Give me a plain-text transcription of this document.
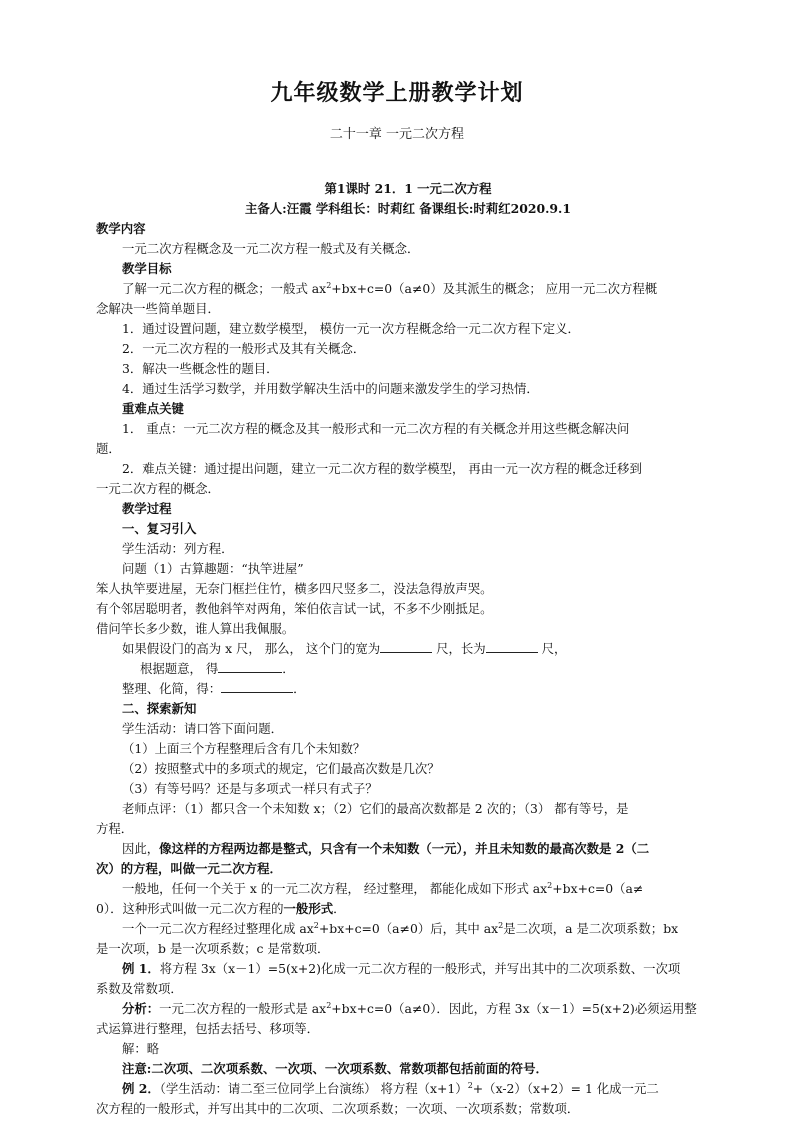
九年级数学上册教学计划
二十一章 一元二次方程
第1课时 21．1 一元二次方程
主备人:汪霞 学科组长：时莉红 备课组长:时莉红2020.9.1
教学内容
一元二次方程概念及一元二次方程一般式及有关概念．
教学目标
了解一元二次方程的概念；一般式 $ax^2+bx+c=0(a\ne 0)$及其派生的概念； 应用一元二次方程概
念解决一些简单题目．
1．通过设置问题，建立数学模型， 模仿一元一次方程概念给一元二次方程下定义．
2．一元二次方程的一般形式及其有关概念．
3．解决一些概念性的题目．
4．通过生活学习数学，并用数学解决生活中的问题来激发学生的学习热情．
重难点关键
1． 重点：一元二次方程的概念及其一般形式和一元二次方程的有关概念并用这些概念解决问
题．
2．难点关键：通过提出问题，建立一元二次方程的数学模型， 再由一元一次方程的概念迁移到
一元二次方程的概念．
教学过程
一、复习引入
学生活动：列方程．
问题（1）古算趣题：“执竿进屋”
笨人执竿要进屋，无奈门框拦住竹，横多四尺竖多二，没法急得放声哭。
有个邻居聪明者，教他斜竿对两角，笨伯依言试一试，不多不少刚抵足。
借问竿长多少数，谁人算出我佩服。
如果假设门的高为 x 尺， 那么， 这个门的宽为	尺，长为	尺，
根据题意， 得	．
整理、化简，得：	．
二、探索新知
学生活动：请口答下面问题．
（1）上面三个方程整理后含有几个未知数？
（2）按照整式中的多项式的规定，它们最高次数是几次？
（3）有等号吗？还是与多项式一样只有式子？
老师点评：（1）都只含一个未知数 x；（2）它们的最高次数都是 2 次的；（3） 都有等号，是
方程．
因此，像这样的方程两边都是整式，只含有一个未知数（一元），并且未知数的最高次数是 2（二
次）的方程，叫做一元二次方程．
一般地，任何一个关于 x 的一元二次方程， 经过整理， 都能化成如下形式 $ax^2+bx+c=0(a\ne$
0）．这种形式叫做一元二次方程的一般形式．
一个一元二次方程经过整理化成 $ax^2+bx+c=0(a\ne 0)$后，其中 $ax^2$是二次项，a 是二次项系数；bx
是一次项，b 是一次项系数；c 是常数项．
例 1．将方程 3x（x－1）=5(x+2)化成一元二次方程的一般形式，并写出其中的二次项系数、一次项
系数及常数项．
分析：一元二次方程的一般形式是 $ax^2+bx+c=0(a\ne 0)$．因此，方程 3x（x－1）=5(x+2)必须运用整
式运算进行整理，包括去括号、移项等．
解：略
注意:二次项、二次项系数、一次项、一次项系数、常数项都包括前面的符号．
例 2．（学生活动：请二至三位同学上台演练） 将方程$(x+1)^2+(x-2)(x+2)= 1$ 化成一元二
次方程的一般形式，并写出其中的二次项、二次项系数；一次项、一次项系数；常数项．
